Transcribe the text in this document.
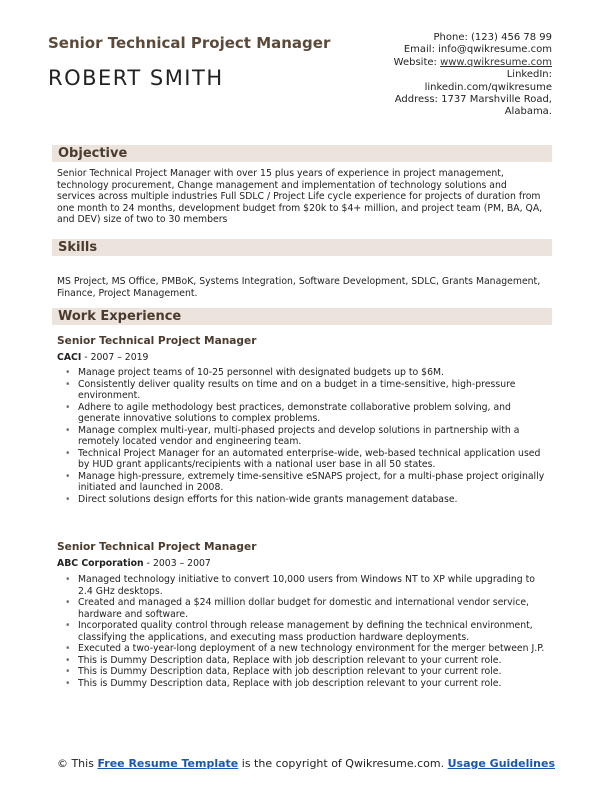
Senior Technical Project Manager
ROBERT SMITH
Phone: (123) 456 78 99
Email: info@qwikresume.com
Website: www.qwikresume.com
LinkedIn:
linkedin.com/qwikresume
Address: 1737 Marshville Road,
Alabama.
Objective
Senior Technical Project Manager with over 15 plus years of experience in project management, technology procurement, Change management and implementation of technology solutions and services across multiple industries Full SDLC / Project Life cycle experience for projects of duration from one month to 24 months, development budget from $20k to $4+ million, and project team (PM, BA, QA, and DEV) size of two to 30 members
Skills
MS Project, MS Office, PMBoK, Systems Integration, Software Development, SDLC, Grants Management, Finance, Project Management.
Work Experience
Senior Technical Project Manager
CACI - 2007 – 2019
• Manage project teams of 10-25 personnel with designated budgets up to $6M.
• Consistently deliver quality results on time and on a budget in a time-sensitive, high-pressure environment.
• Adhere to agile methodology best practices, demonstrate collaborative problem solving, and generate innovative solutions to complex problems.
• Manage complex multi-year, multi-phased projects and develop solutions in partnership with a remotely located vendor and engineering team.
• Technical Project Manager for an automated enterprise-wide, web-based technical application used by HUD grant applicants/recipients with a national user base in all 50 states.
• Manage high-pressure, extremely time-sensitive eSNAPS project, for a multi-phase project originally initiated and launched in 2008.
• Direct solutions design efforts for this nation-wide grants management database.
Senior Technical Project Manager
ABC Corporation - 2003 – 2007
• Managed technology initiative to convert 10,000 users from Windows NT to XP while upgrading to 2.4 GHz desktops.
• Created and managed a $24 million dollar budget for domestic and international vendor service, hardware and software.
• Incorporated quality control through release management by defining the technical environment, classifying the applications, and executing mass production hardware deployments.
• Executed a two-year-long deployment of a new technology environment for the merger between J.P.
• This is Dummy Description data, Replace with job description relevant to your current role.
• This is Dummy Description data, Replace with job description relevant to your current role.
• This is Dummy Description data, Replace with job description relevant to your current role.
© This Free Resume Template is the copyright of Qwikresume.com. Usage Guidelines
